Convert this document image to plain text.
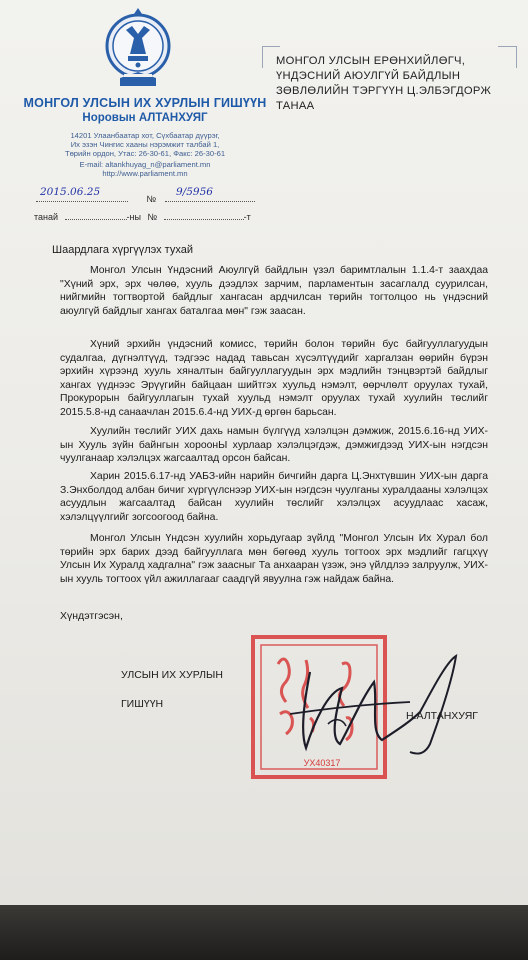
МОНГОЛ УЛСЫН ИХ ХУРЛЫН ГИШҮҮН
Норовын АЛТАНХУЯГ
14201 Улаанбаатар хот, Сүхбаатар дүүрэг,
Их эзэн Чингис хааны нэрэмжит талбай 1,
Төрийн ордон, Утас: 26-30-61, Факс: 26-30-61
E-mail: altankhuyag_n@parliament.mn
http://www.parliament.mn
№
2015.06.25	9/5956
танай	-ны №	-т
МОНГОЛ УЛСЫН ЕРӨНХИЙЛӨГЧ,
ҮНДЭСНИЙ АЮУЛГҮЙ БАЙДЛЫН
ЗӨВЛӨЛИЙН ТЭРГҮҮН Ц.ЭЛБЭГДОРЖ
ТАНАА
Шаардлага хүргүүлэх тухай

Монгол Улсын Үндэсний Аюулгүй байдлын үзэл баримтлалын 1.1.4-т заахдаа "Хүний эрх, эрх чөлөө, хууль дээдлэх зарчим, парламентын засаглалд суурилсан, нийгмийн тогтвортой байдлыг хангасан ардчилсан төрийн тогтолцоо нь үндэсний аюулгүй байдлыг хангах баталгаа мөн" гэж заасан.

Хүний эрхийн үндэсний комисс, төрийн болон төрийн бус байгууллагуудын судалгаа, дүгнэлтүүд, тэдгээс надад тавьсан хүсэлтүүдийг харгалзан өөрийн бүрэн эрхийн хүрээнд хууль хяналтын байгууллагуудын эрх мэдлийн тэнцвэртэй байдлыг хангах үүднээс Эрүүгийн байцаан шийтгэх хуульд нэмэлт, өөрчлөлт оруулах тухай, Прокурорын байгууллагын тухай хуульд нэмэлт оруулах тухай хуулийн төслийг 2015.5.8-нд санаачлан 2015.6.4-нд УИХ-д өргөн барьсан.

Хуулийн төслийг УИХ дахь намын бүлгүүд хэлэлцэн дэмжиж, 2015.6.16-нд УИХ-ын Хууль зүйн байнгын хороонЫ хурлаар хэлэлцэгдэж, дэмжигдээд УИХ-ын нэгдсэн чуулганаар хэлэлцэх жагсаалтад орсон байсан.

Харин 2015.6.17-нд УАБЗ-ийн нарийн бичгийн дарга Ц.Энхтүвшин УИХ-ын дарга З.Энхболдод албан бичиг хүргүүлснээр УИХ-ын нэгдсэн чуулганы хуралдааны хэлэлцэх асуудлын жагсаалтад байсан хуулийн төслийг хэлэлцэх асуудлаас хасаж, хэлэлцүүлгийг зогсоогоод байна.

Монгол Улсын Үндсэн хуулийн хорьдугаар зүйлд "Монгол Улсын Их Хурал бол төрийн эрх барих дээд байгууллага мөн бөгөөд хууль тогтоох эрх мэдлийг гагцхүү Улсын Их Хуралд хадгална" гэж заасныг Та анхааран үзэж, энэ үйлдлээ залруулж, УИХ-ын хууль тогтоох үйл ажиллагааг саадгүй явуулна гэж найдаж байна.

Хүндэтгэсэн,
УХ40317
УЛСЫН ИХ ХУРЛЫН
ГИШҮҮН
Н.АЛТАНХУЯГ
